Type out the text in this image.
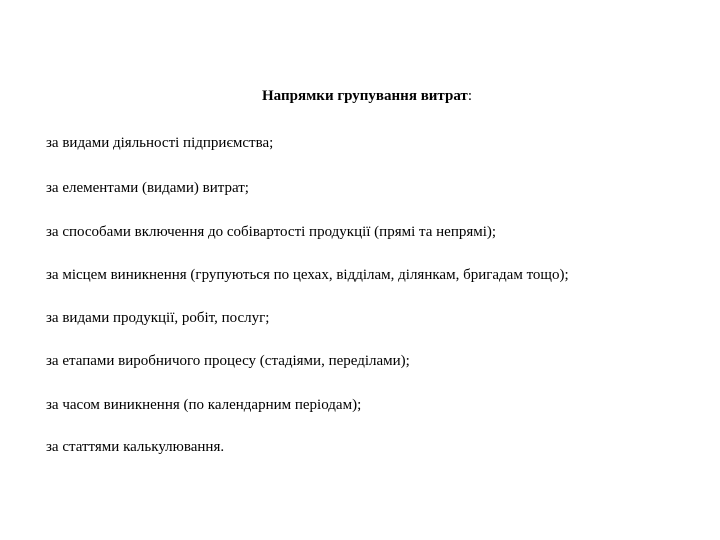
Напрямки групування витрат:
за видами діяльності підприємства;
за елементами (видами) витрат;
за способами включення до собівартості продукції (прямі та непрямі);
за місцем виникнення (групуються по цехах, відділам, ділянкам, бригадам тощо);
за видами продукції, робіт, послуг;
за етапами виробничого процесу (стадіями, переділами);
за часом виникнення (по календарним періодам);
за статтями калькулювання.
